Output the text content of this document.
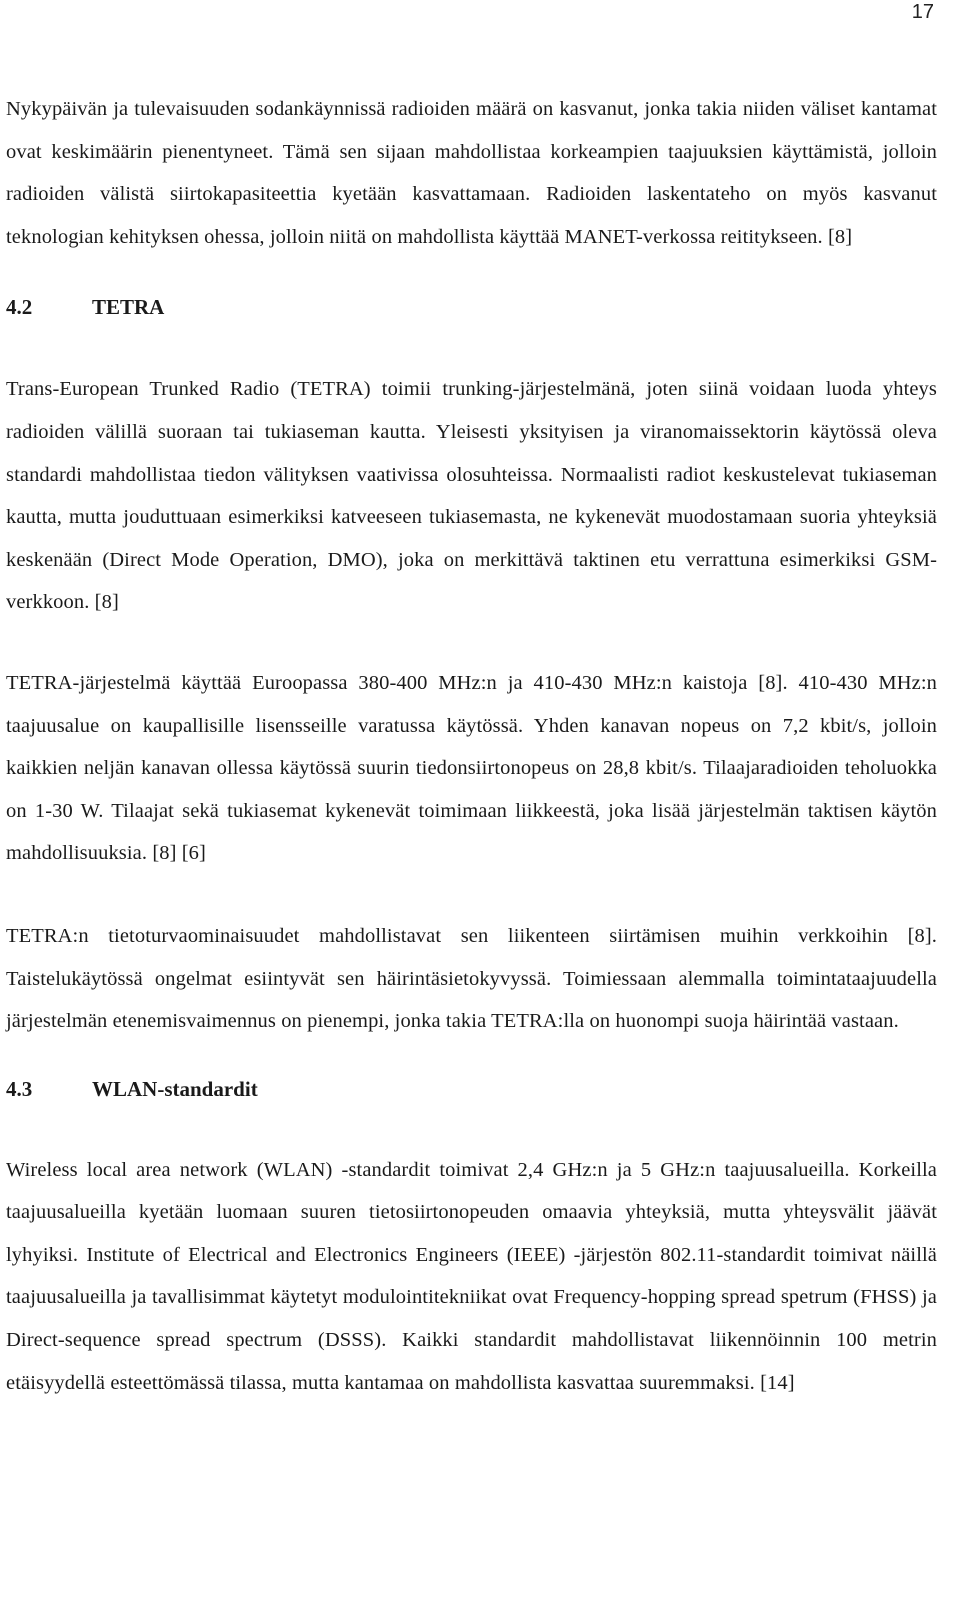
17

Nykypäivän ja tulevaisuuden sodankäynnissä radioiden määrä on kasvanut, jonka takia niiden väliset kantamat ovat keskimäärin pienentyneet. Tämä sen sijaan mahdollistaa korkeampien taajuuksien käyttämistä, jolloin radioiden välistä siirtokapasiteettia kyetään kasvattamaan. Radioiden laskentateho on myös kasvanut teknologian kehityksen ohessa, jolloin niitä on mahdollista käyttää MANET-verkossa reititykseen. [8]

4.2	TETRA

Trans-European Trunked Radio (TETRA) toimii trunking-järjestelmänä, joten siinä voidaan luoda yhteys radioiden välillä suoraan tai tukiaseman kautta. Yleisesti yksityisen ja viranomaissektorin käytössä oleva standardi mahdollistaa tiedon välityksen vaativissa olosuhteissa. Normaalisti radiot keskustelevat tukiaseman kautta, mutta jouduttuaan esimerkiksi katveeseen tukiasemasta, ne kykenevät muodostamaan suoria yhteyksiä keskenään (Direct Mode Operation, DMO), joka on merkittävä taktinen etu verrattuna esimerkiksi GSM-verkkoon. [8]

TETRA-järjestelmä käyttää Euroopassa 380-400 MHz:n ja 410-430 MHz:n kaistoja [8]. 410-430 MHz:n taajuusalue on kaupallisille lisensseille varatussa käytössä. Yhden kanavan nopeus on 7,2 kbit/s, jolloin kaikkien neljän kanavan ollessa käytössä suurin tiedonsiirtonopeus on 28,8 kbit/s. Tilaajaradioiden teholuokka on 1-30 W. Tilaajat sekä tukiasemat kykenevät toimimaan liikkeestä, joka lisää järjestelmän taktisen käytön mahdollisuuksia. [8] [6]

TETRA:n tietoturvaominaisuudet mahdollistavat sen liikenteen siirtämisen muihin verkkoihin [8]. Taistelukäytössä ongelmat esiintyvät sen häirintäsietokyvyssä. Toimiessaan alemmalla toimintataajuudella järjestelmän etenemisvaimennus on pienempi, jonka takia TETRA:lla on huonompi suoja häirintää vastaan.

4.3	WLAN-standardit

Wireless local area network (WLAN) -standardit toimivat 2,4 GHz:n ja 5 GHz:n taajuusalueilla. Korkeilla taajuusalueilla kyetään luomaan suuren tietosiirtonopeuden omaavia yhteyksiä, mutta yhteysvälit jäävät lyhyiksi. Institute of Electrical and Electronics Engineers (IEEE) -järjestön 802.11-standardit toimivat näillä taajuusalueilla ja tavallisimmat käytetyt modulointitekniikat ovat Frequency-hopping spread spetrum (FHSS) ja Direct-sequence spread spectrum (DSSS). Kaikki standardit mahdollistavat liikennöinnin 100 metrin etäisyydellä esteettömässä tilassa, mutta kantamaa on mahdollista kasvattaa suuremmaksi. [14]
